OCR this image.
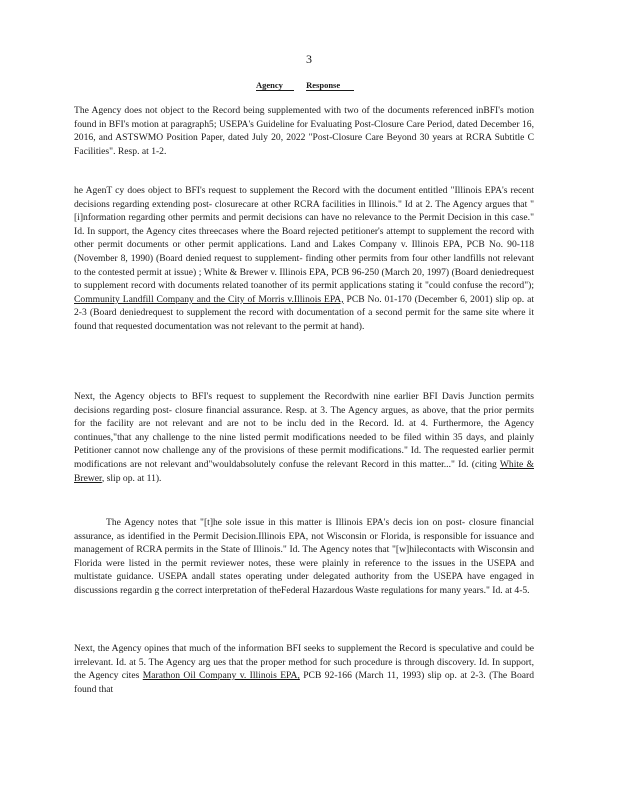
3
Agency	Response

The Agency does not object to the Record being supplemented with two of the documents referenced inBFI's motion found in BFI's motion at paragraph5; USEPA's Guideline for Evaluating Post-Closure Care Period, dated December 16, 2016, and ASTSWMO Position Paper, dated July 20, 2022 "Post-Closure Care Beyond 30 years at RCRA Subtitle C Facilities". Resp. at 1-2.

he AgenT cy does object to BFI's request to supplement the Record with the document entitled "Illinois EPA's recent decisions regarding extending post- closurecare at other RCRA facilities in Illinois." Id at 2. The Agency argues that "[i]nformation regarding other permits and permit decisions can have no relevance to the Permit Decision in this case." Id. In support, the Agency cites threecases where the Board rejected petitioner's attempt to supplement the record with other permit documents or other permit applications. Land and Lakes Company v. Illinois EPA, PCB No. 90-118 (November 8, 1990) (Board denied request to supplement- finding other permits from four other landfills not relevant to the contested permit at issue) ; White & Brewer v. Illinois EPA, PCB 96-250 (March 20, 1997) (Board deniedrequest to supplement record with documents related toanother of its permit applications stating it "could confuse the record"); Community Landfill Company and the City of Morris v.Illinois EPA, PCB No. 01-170 (December 6, 2001) slip op. at 2-3 (Board deniedrequest to supplement the record with documentation of a second permit for the same site where it found that requested documentation was not relevant to the permit at hand).

Next, the Agency objects to BFI's request to supplement the Recordwith nine earlier BFI Davis Junction permits decisions regarding post- closure financial assurance. Resp. at 3. The Agency argues, as above, that the prior permits for the facility are not relevant and are not to be inclu ded in the Record. Id. at 4. Furthermore, the Agency continues,"that any challenge to the nine listed permit modifications needed to be filed within 35 days, and plainly Petitioner cannot now challenge any of the provisions of these permit modifications." Id. The requested earlier permit modifications are not relevant and"wouldabsolutely confuse the relevant Record in this matter..." Id. (citing White & Brewer, slip op. at 11).

The Agency notes that "[t]he sole issue in this matter is Illinois EPA's decis ion on post- closure financial assurance, as identified in the Permit Decision.Illinois EPA, not Wisconsin or Florida, is responsible for issuance and management of RCRA permits in the State of Illinois." Id. The Agency notes that "[w]hilecontacts with Wisconsin and Florida were listed in the permit reviewer notes, these were plainly in reference to the issues in the USEPA and multistate guidance. USEPA andall states operating under delegated authority from the USEPA have engaged in discussions regardin g the correct interpretation of theFederal Hazardous Waste regulations for many years." Id. at 4-5.

Next, the Agency opines that much of the information BFI seeks to supplement the Record is speculative and could be irrelevant. Id. at 5. The Agency arg ues that the proper method for such procedure is through discovery. Id. In support, the Agency cites Marathon Oil Company v. Illinois EPA, PCB 92-166 (March 11, 1993) slip op. at 2-3. (The Board found that
